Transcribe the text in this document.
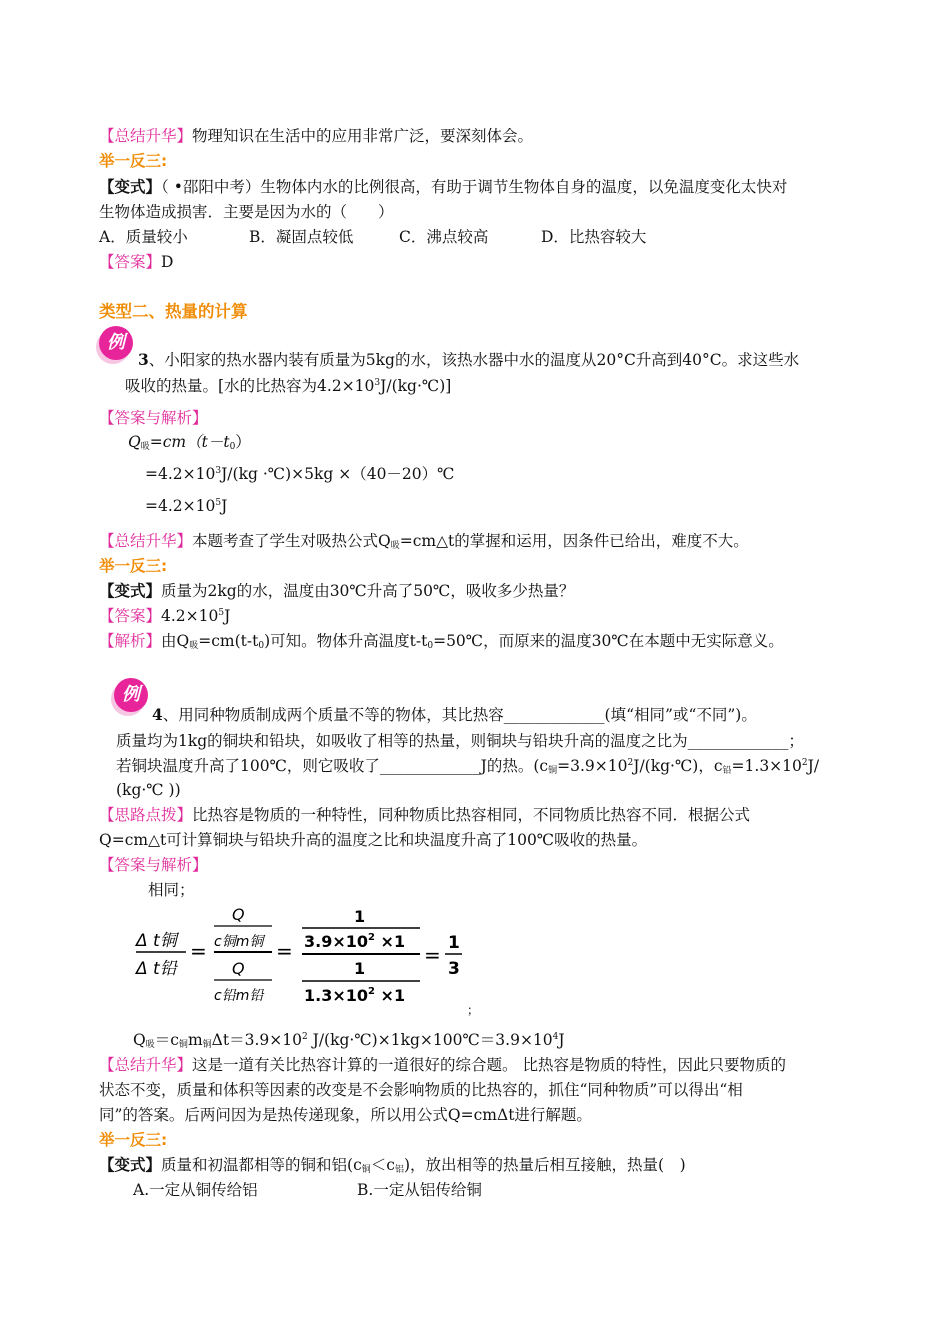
【总结升华】物理知识在生活中的应用非常广泛，要深刻体会。
举一反三:
【变式】（ •邵阳中考）生物体内水的比例很高，有助于调节生物体自身的温度，以免温度变化太快对
生物体造成损害．主要是因为水的（　　）
A．质量较小	B．凝固点较低	C．沸点较高	D．比热容较大
【答案】D
类型二、热量的计算
例
3、小阳家的热水器内装有质量为5kg的水，该热水器中水的温度从20°C升高到40°C。求这些水
吸收的热量。[水的比热容为$4.2\times 10^3J/(kg\cdot℃)$]
【答案与解析】
$Q_吸=cm(t-t_0)$
$=4.2\times 10^3J/(kg$ ·℃)×5kg ×（40－20）℃
$=4.2\times 10^5J$
【总结升华】本题考查了学生对吸热公式$Q_吸=cm\triangle t$的掌握和运用，因条件已给出，难度不大。
举一反三:
【变式】质量为2kg的水，温度由30℃升高了50℃，吸收多少热量？
【答案】$4.2\times 10^5J$
【解析】由$Q_吸=cm(t-t_0)$可知。物体升高温度$t-t_0=50℃$，而原来的温度30℃在本题中无实际意义。
例
4、用同种物质制成两个质量不等的物体，其比热容_____________(填“相同”或“不同”)。
质量均为1kg的铜块和铅块，如吸收了相等的热量，则铜块与铅块升高的温度之比为_____________；
若铜块温度升高了100℃，则它吸收了_____________J的热。($c_铜=3.9\times 10^2J/(kg\cdot℃)$，$c_铅=1.3\times 10^2J/$
(kg·℃ ))
【思路点拨】比热容是物质的一种特性，同种物质比热容相同，不同物质比热容不同．根据公式
Q=cm△t可计算铜块与铅块升高的温度之比和块温度升高了100℃吸收的热量。
【答案与解析】
相同；
Δ t铜
Δ t铅
=
Q
c铜m铜
Q
c铅m铅
=
1
$3.9\times 10^2 \times 1$
1
$1.3\times 10^2 \times 1$
= 1
3
；
$Q_吸=c_铜m_铜\Delta t=3.9\times 10^2$ $J/(kg\cdot℃)\times 1kg\times 100℃=3.9\times 10^4J$
【总结升华】这是一道有关比热容计算的一道很好的综合题。 比热容是物质的特性，因此只要物质的
状态不变，质量和体积等因素的改变是不会影响物质的比热容的，抓住“同种物质”可以得出“相
同”的答案。后两问因为是热传递现象，所以用公式Q=cmΔt进行解题。
举一反三:
【变式】质量和初温都相等的铜和铝$(c_铜<c_铝)$，放出相等的热量后相互接触，热量(　)
A.一定从铜传给铝	B.一定从铝传给铜
